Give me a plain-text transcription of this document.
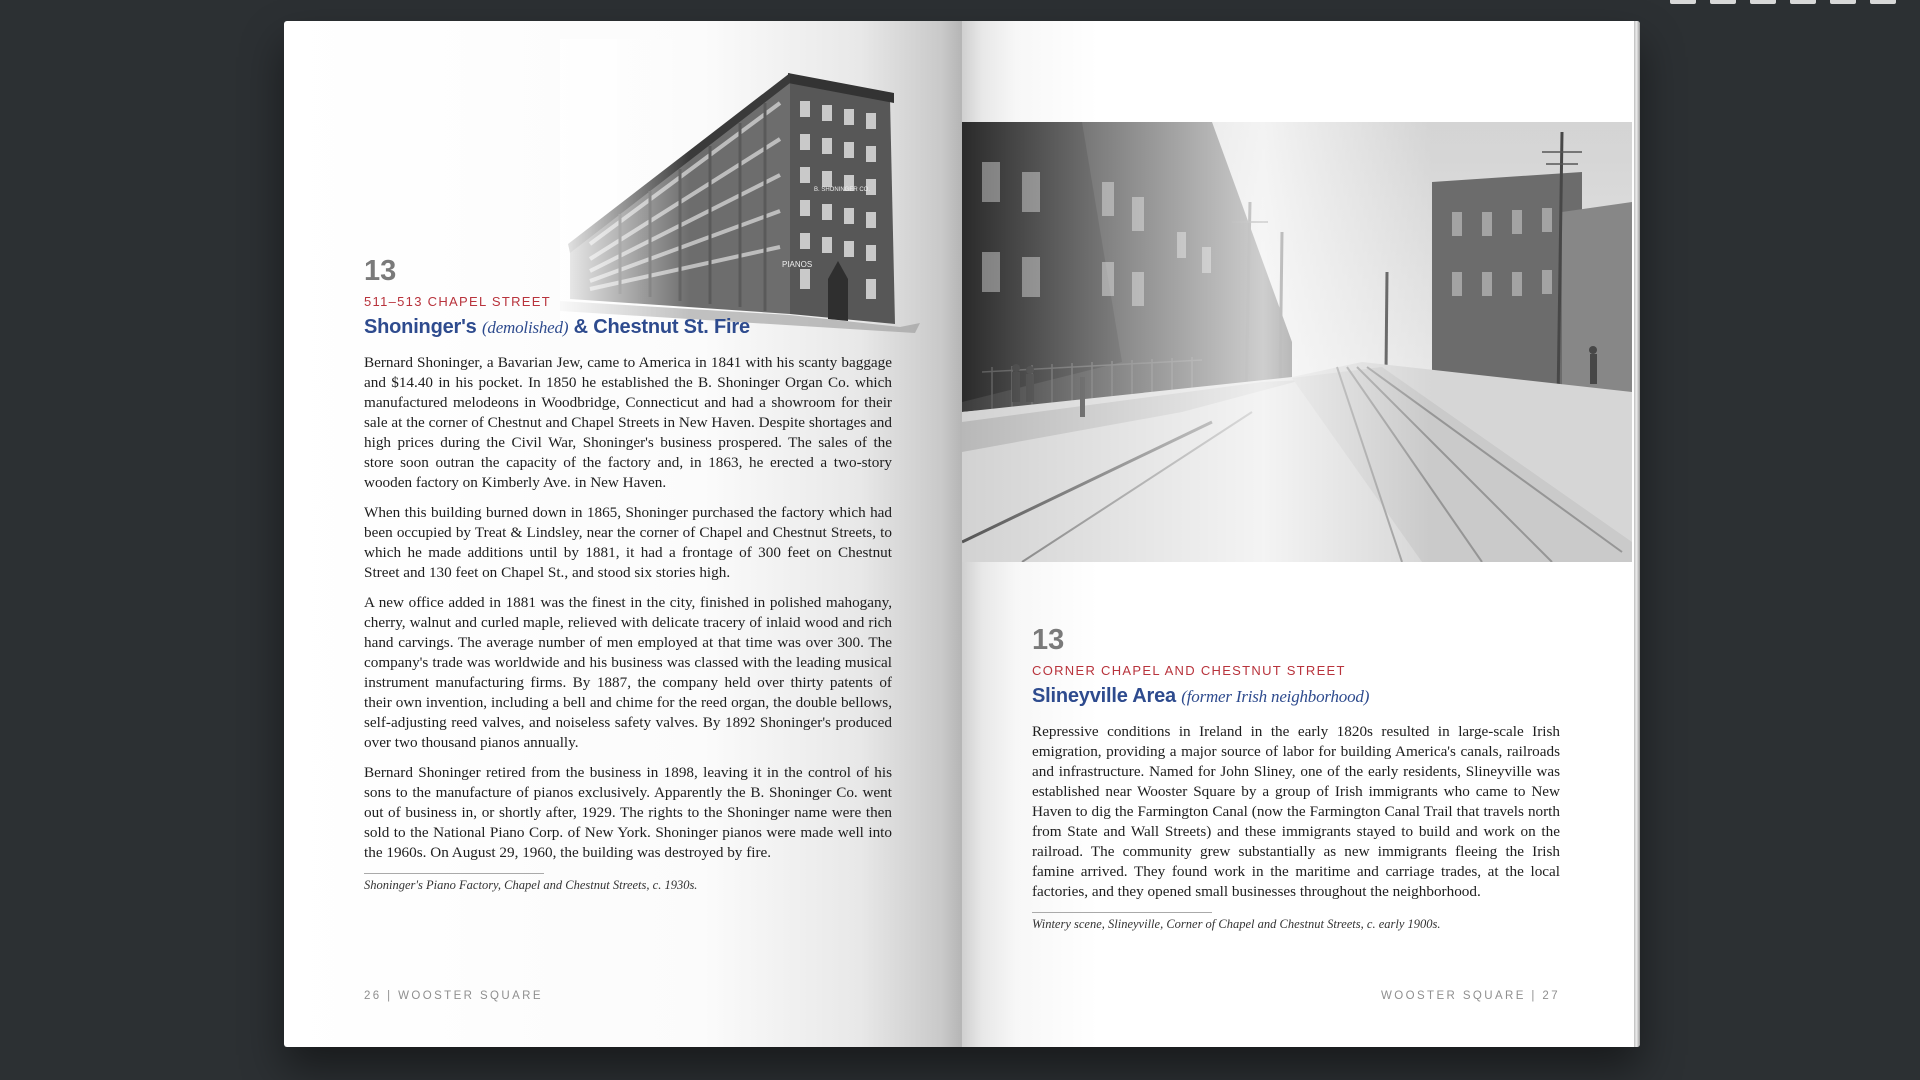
13
511–513 CHAPEL STREET
Shoninger's (demolished) & Chestnut St. Fire

Bernard Shoninger, a Bavarian Jew, came to America in 1841 with his scanty baggage and $14.40 in his pocket. In 1850 he established the B. Shoninger Organ Co. which manufactured melodeons in Woodbridge, Connecticut and had a showroom for their sale at the corner of Chestnut and Chapel Streets in New Haven. Despite shortages and high prices during the Civil War, Shoninger's business prospered. The sales of the store soon outran the capacity of the factory and, in 1863, he erected a two-story wooden factory on Kimberly Ave. in New Haven.

When this building burned down in 1865, Shoninger purchased the factory which had been occupied by Treat & Lindsley, near the corner of Chapel and Chestnut Streets, to which he made additions until by 1881, it had a frontage of 300 feet on Chestnut Street and 130 feet on Chapel St., and stood six stories high.

A new office added in 1881 was the finest in the city, finished in polished mahogany, cherry, walnut and curled maple, relieved with delicate tracery of inlaid wood and rich hand carvings. The average number of men employed at that time was over 300. The company's trade was worldwide and his business was classed with the leading musical instrument manufacturing firms. By 1887, the company held over thirty patents of their own invention, including a bell and chime for the reed organ, the double bellows, self-adjusting reed valves, and noiseless safety valves. By 1892 Shoninger's produced over two thousand pianos annually.

Bernard Shoninger retired from the business in 1898, leaving it in the control of his sons to the manufacture of pianos exclusively. Apparently the B. Shoninger Co. went out of business in, or shortly after, 1929. The rights to the Shoninger name were then sold to the National Piano Corp. of New York. Shoninger pianos were made well into the 1960s. On August 29, 1960, the building was destroyed by fire.

Shoninger's Piano Factory, Chapel and Chestnut Streets, c. 1930s.
26 | WOOSTER SQUARE
13
CORNER CHAPEL AND CHESTNUT STREET
Slineyville Area (former Irish neighborhood)

Repressive conditions in Ireland in the early 1820s resulted in large-scale Irish emigration, providing a major source of labor for building America's canals, railroads and infrastructure. Named for John Sliney, one of the early residents, Slineyville was established near Wooster Square by a group of Irish immigrants who came to New Haven to dig the Farmington Canal (now the Farmington Canal Trail that travels north from State and Wall Streets) and these immigrants stayed to build and work on the railroad. The community grew substantially as new immigrants fleeing the Irish famine arrived. They found work in the maritime and carriage trades, at the local factories, and they opened small businesses throughout the neighborhood.

Wintery scene, Slineyville, Corner of Chapel and Chestnut Streets, c. early 1900s.
WOOSTER SQUARE | 27
